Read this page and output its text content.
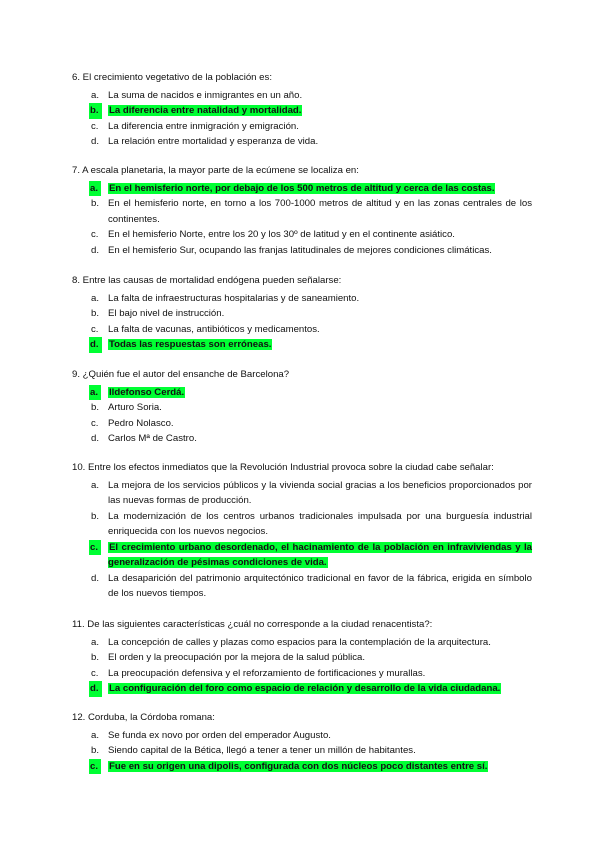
6. El crecimiento vegetativo de la población es:
a. La suma de nacidos e inmigrantes en un año.
b.	La diferencia entre natalidad y mortalidad.
c. La diferencia entre inmigración y emigración.
d. La relación entre mortalidad y esperanza de vida.
7. A escala planetaria, la mayor parte de la ecúmene se localiza en:
a.	En el hemisferio norte, por debajo de los 500 metros de altitud y cerca de las costas.
b. En el hemisferio norte, en torno a los 700-1000 metros de altitud y en las zonas centrales de los continentes.
c. En el hemisferio Norte, entre los 20 y los 30º de latitud y en el continente asiático.
d. En el hemisferio Sur, ocupando las franjas latitudinales de mejores condiciones climáticas.
8. Entre las causas de mortalidad endógena pueden señalarse:
a. La falta de infraestructuras hospitalarias y de saneamiento.
b. El bajo nivel de instrucción.
c. La falta de vacunas, antibióticos y medicamentos.
d.	Todas las respuestas son erróneas.
9. ¿Quién fue el autor del ensanche de Barcelona?
a.	Ildefonso Cerdá.
b. Arturo Soria.
c. Pedro Nolasco.
d. Carlos Mª de Castro.
10. Entre los efectos inmediatos que la Revolución Industrial provoca sobre la ciudad cabe señalar:
a. La mejora de los servicios públicos y la vivienda social gracias a los beneficios proporcionados por las nuevas formas de producción.
b. La modernización de los centros urbanos tradicionales impulsada por una burguesía industrial enriquecida con los nuevos negocios.
c.	El crecimiento urbano desordenado, el hacinamiento de la población en infraviviendas y la generalización de pésimas condiciones de vida.
d. La desaparición del patrimonio arquitectónico tradicional en favor de la fábrica, erigida en símbolo de los nuevos tiempos.
11. De las siguientes características ¿cuál no corresponde a la ciudad renacentista?:
a. La concepción de calles y plazas como espacios para la contemplación de la arquitectura.
b. El orden y la preocupación por la mejora de la salud pública.
c. La preocupación defensiva y el reforzamiento de fortificaciones y murallas.
d.	La configuración del foro como espacio de relación y desarrollo de la vida ciudadana.
12. Corduba, la Córdoba romana:
a. Se funda ex novo por orden del emperador Augusto.
b. Siendo capital de la Bética, llegó a tener a tener un millón de habitantes.
c.	Fue en su origen una dipolis, configurada con dos núcleos poco distantes entre sí.
